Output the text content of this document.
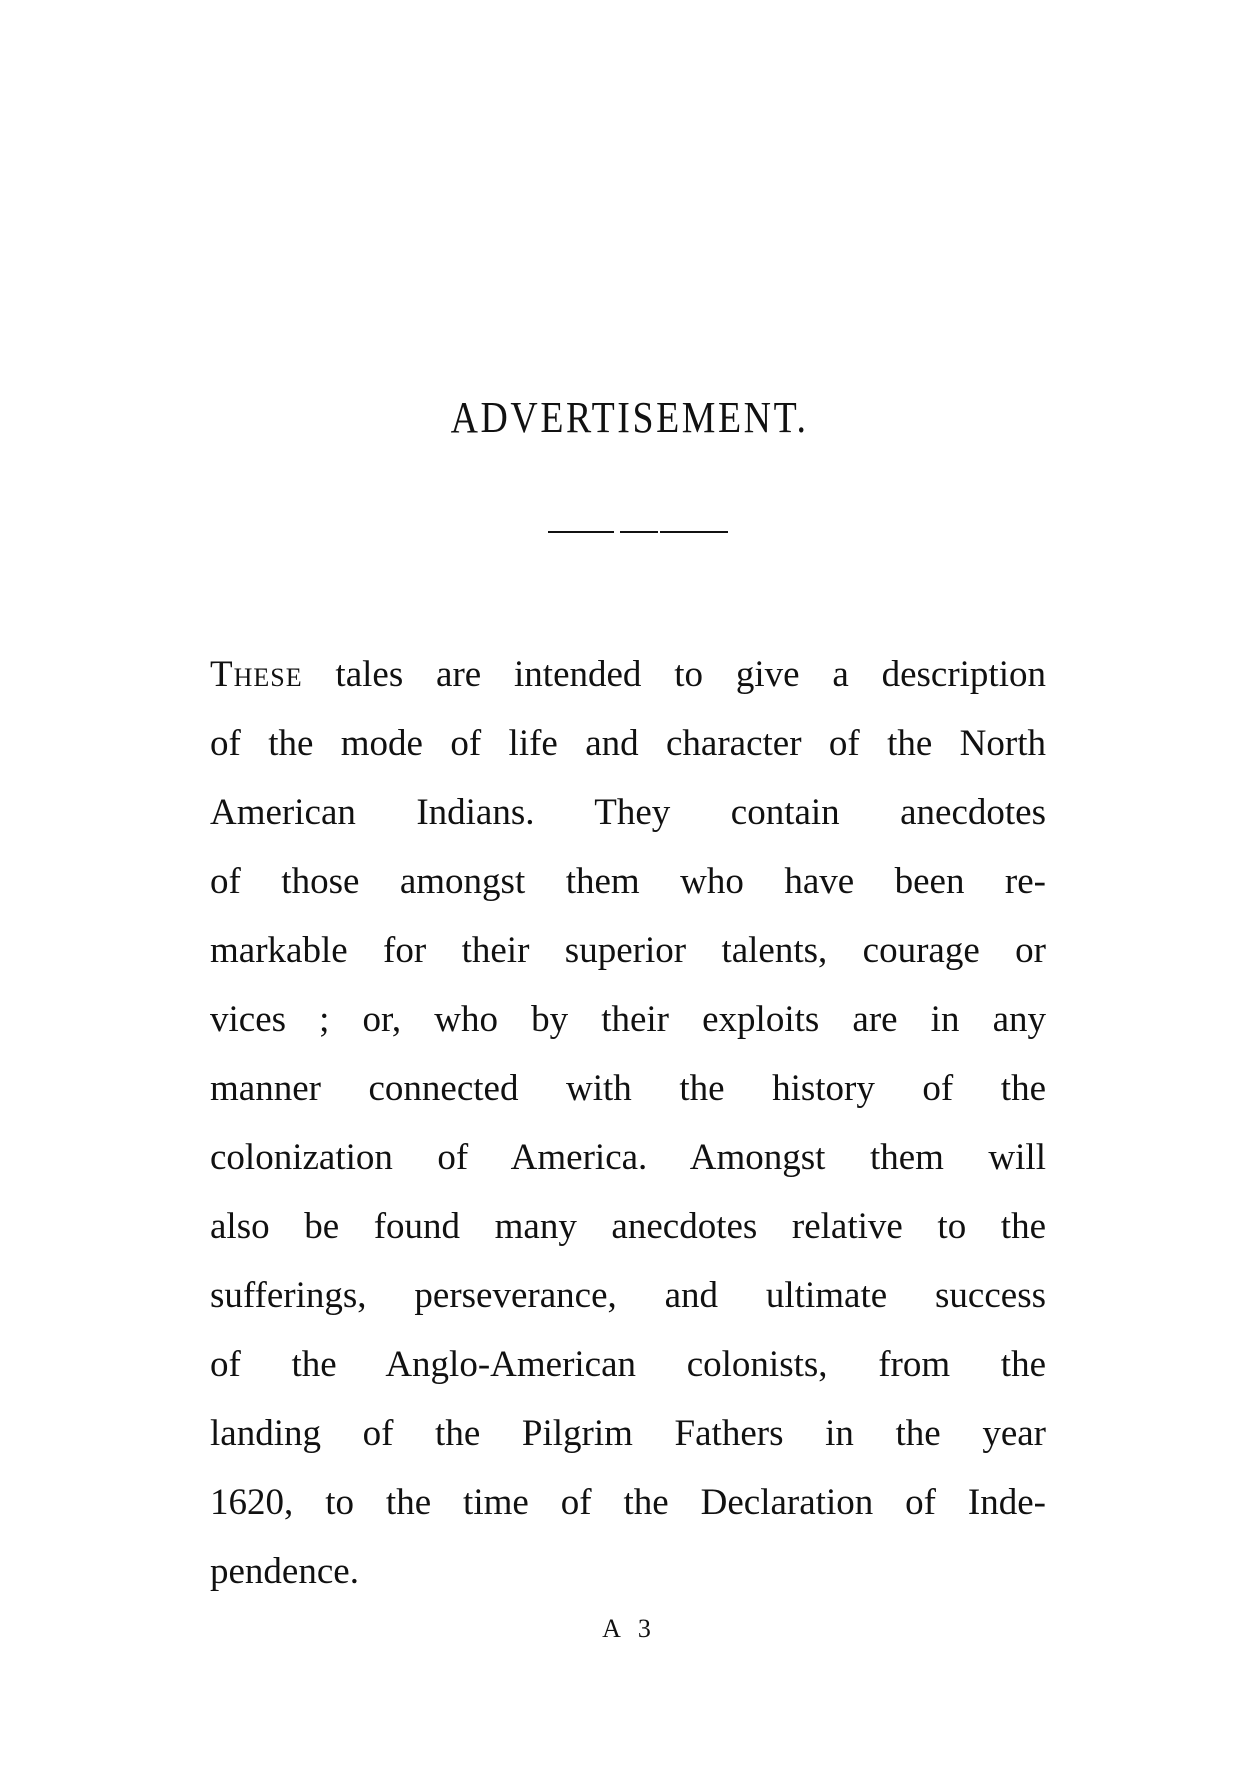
ADVERTISEMENT.
These tales are intended to give a description
of the mode of life and character of the North
American Indians. They contain anecdotes
of those amongst them who have been re-
markable for their superior talents, courage or
vices ; or, who by their exploits are in any
manner connected with the history of the
colonization of America. Amongst them will
also be found many anecdotes relative to the
sufferings, perseverance, and ultimate success
of the Anglo-American colonists, from the
landing of the Pilgrim Fathers in the year
1620, to the time of the Declaration of Inde-
pendence.
A 3
